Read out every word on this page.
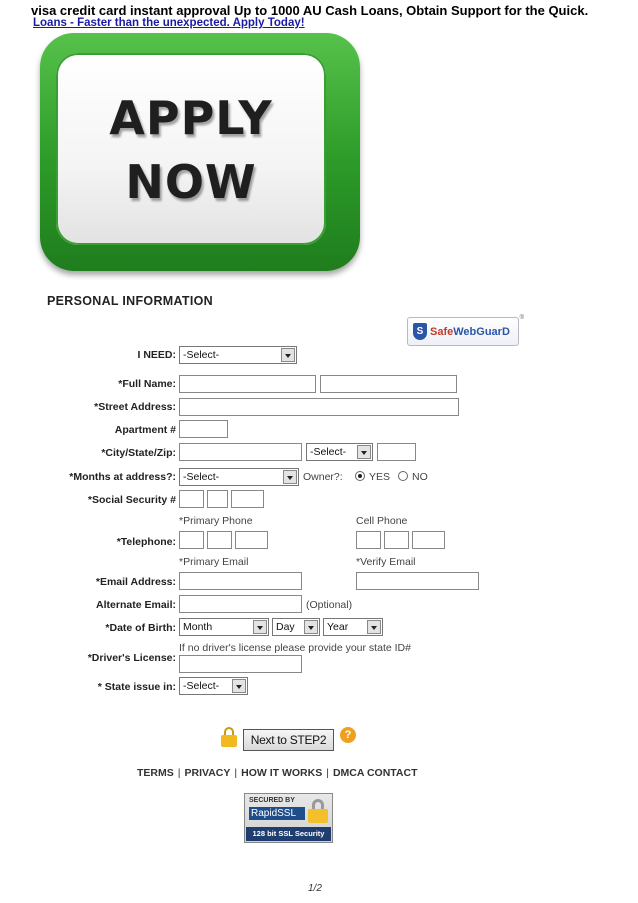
visa credit card instant approval Up to 1000 AU Cash Loans, Obtain Support for the Quick.
Loans - Faster than the unexpected. Apply Today!
APPLY
NOW
PERSONAL INFORMATION
S SafeWebGuarD
®
I NEED: -Select-
*Full Name:
*Street Address:
Apartment #
*City/State/Zip:	-Select-
*Months at address?: -Select-	Owner?:	YES NO
*Social Security #
*Primary Phone	Cell Phone
*Telephone:
*Primary Email	*Verify Email
*Email Address:
Alternate Email:	(Optional)
*Date of Birth: Month	Day	Year
If no driver's license please provide your state ID#
*Driver's License:
* State issue in: -Select-
Next to STEP2	?
TERMS | PRIVACY | HOW IT WORKS | DMCA CONTACT
SECURED BY
RapidSSL
128 bit SSL Security
1/2
